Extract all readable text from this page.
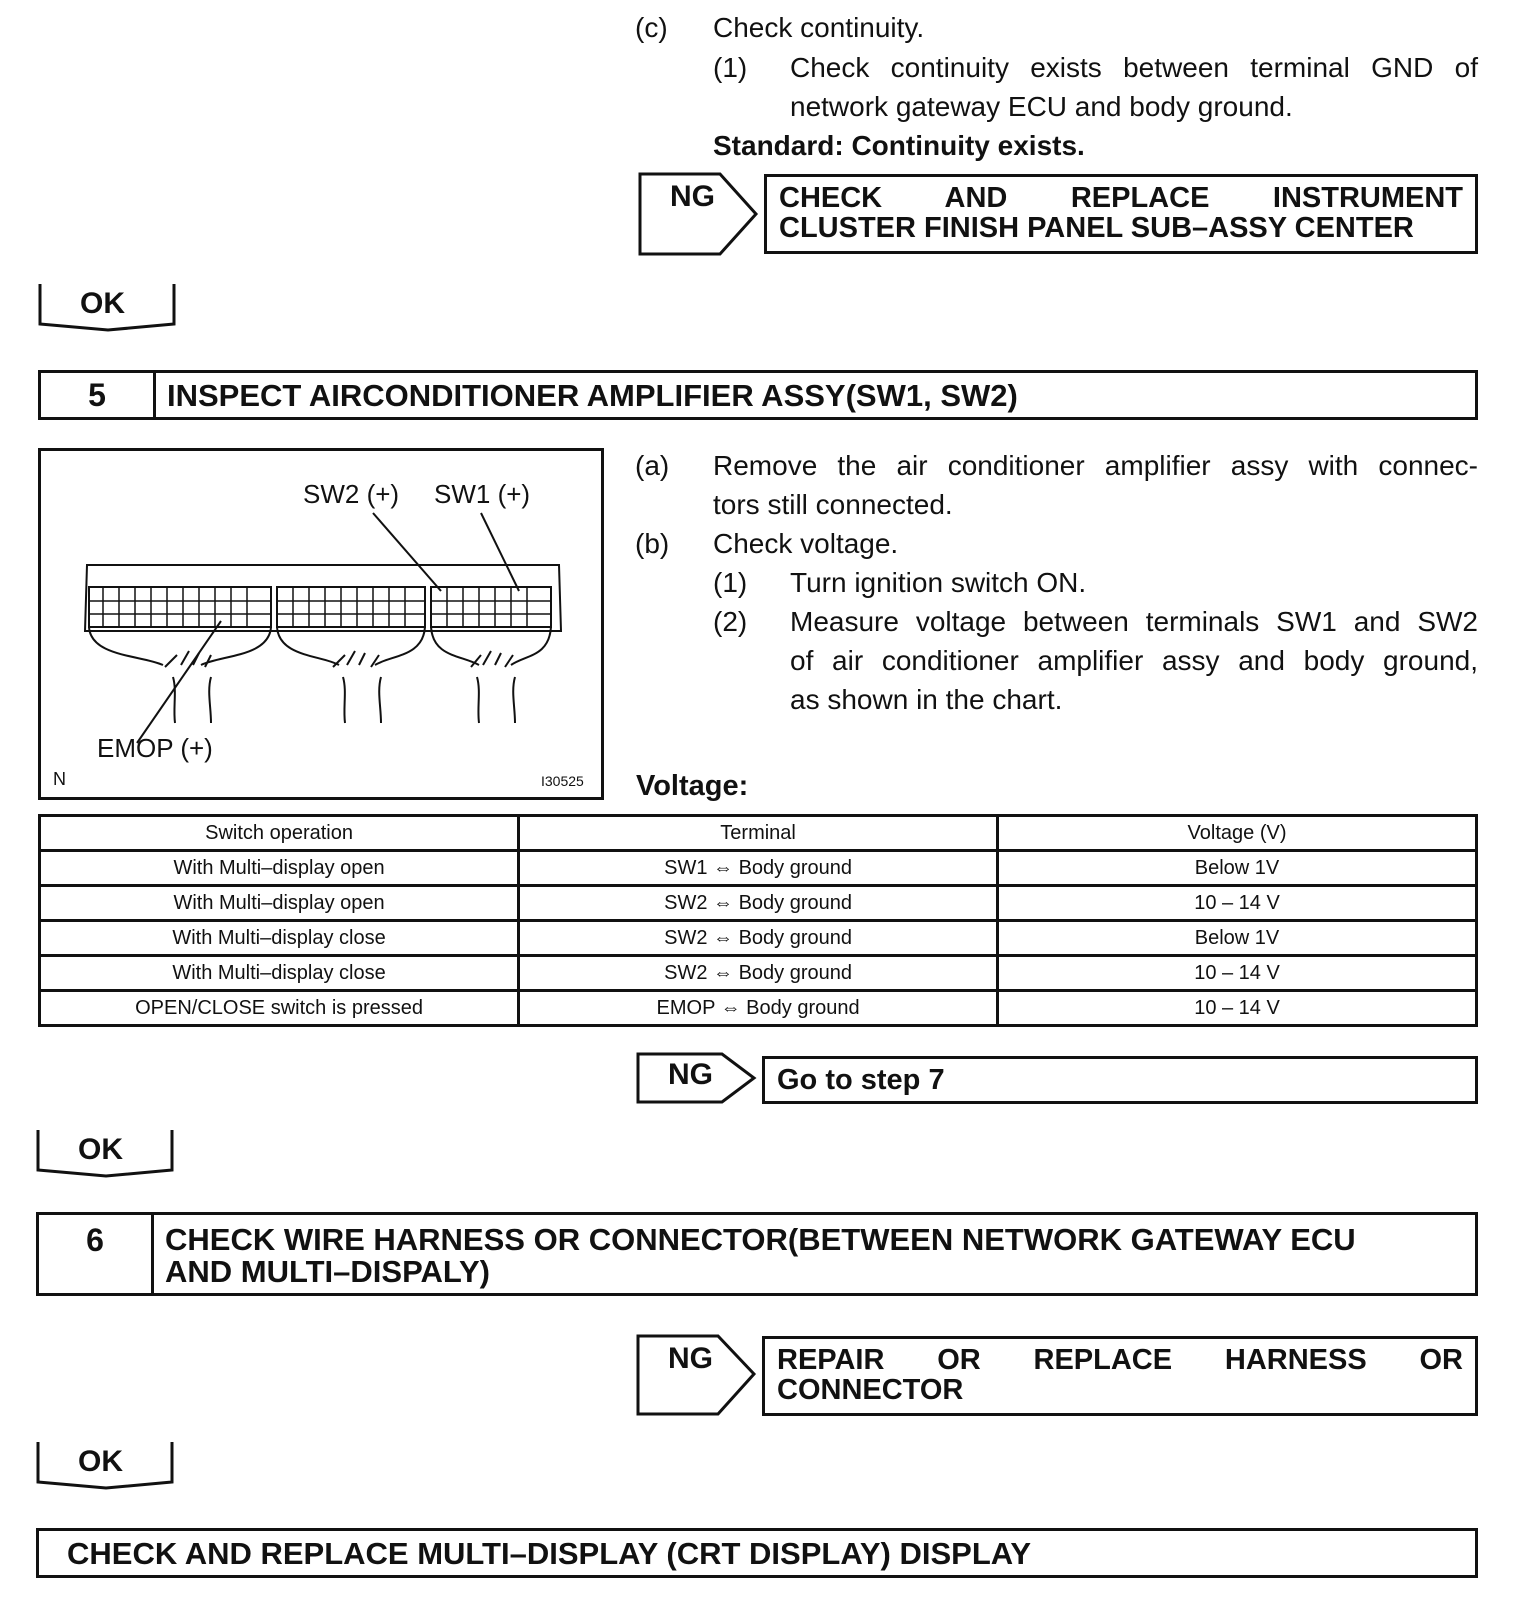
(c) Check continuity.
(1) Check continuity exists between terminal GND of
network gateway ECU and body ground.
Standard: Continuity exists.
NG CHECK AND REPLACE INSTRUMENT
CLUSTER FINISH PANEL SUB–ASSY CENTER
OK
5	INSPECT AIRCONDITIONER AMPLIFIER ASSY(SW1, SW2)
SW2 (+) SW1 (+)
EMOP (+)
N	I30525
(a) Remove the air conditioner amplifier assy with connec-
tors still connected.
(b) Check voltage.
(1) Turn ignition switch ON.
(2) Measure voltage between terminals SW1 and SW2
of air conditioner amplifier assy and body ground,
as shown in the chart.
Voltage:
Switch operation	Terminal	Voltage (V)
With Multi–display open	SW1 ⇔ Body ground	Below 1V
With Multi–display open	SW2 ⇔ Body ground	10 – 14 V
With Multi–display close	SW2 ⇔ Body ground	Below 1V
With Multi–display close	SW2 ⇔ Body ground	10 – 14 V
OPEN/CLOSE switch is pressed	EMOP ⇔ Body ground	10 – 14 V
NG Go to step 7
OK
6	CHECK WIRE HARNESS OR CONNECTOR(BETWEEN NETWORK GATEWAY ECU
AND MULTI–DISPALY)
NG REPAIR OR REPLACE HARNESS OR
CONNECTOR
OK
CHECK AND REPLACE MULTI–DISPLAY (CRT DISPLAY) DISPLAY
